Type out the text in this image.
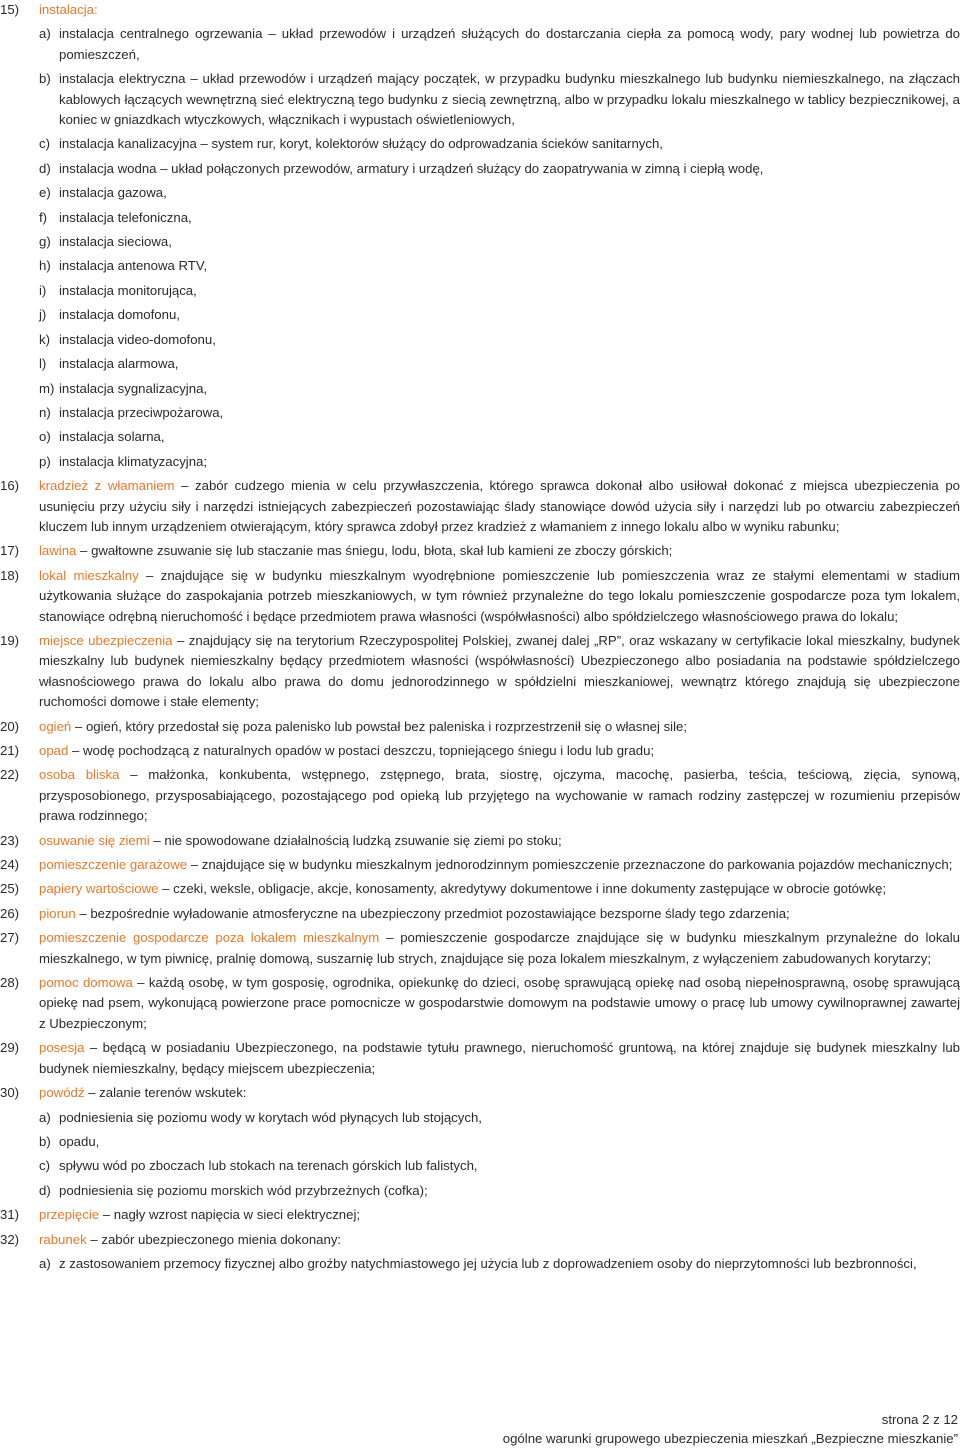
15)	instalacja:
a) instalacja centralnego ogrzewania – układ przewodów i urządzeń służących do dostarczania ciepła za pomocą wody, pary wodnej lub powietrza do pomieszczeń,
b) instalacja elektryczna – układ przewodów i urządzeń mający początek, w przypadku budynku mieszkalnego lub budynku niemieszkalnego, na złączach kablowych łączących wewnętrzną sieć elektryczną tego budynku z siecią zewnętrzną, albo w przypadku lokalu mieszkalnego w tablicy bezpiecznikowej, a koniec w gniazdkach wtyczkowych, włącznikach i wypustach oświetleniowych,
c) instalacja kanalizacyjna – system rur, koryt, kolektorów służący do odprowadzania ścieków sanitarnych,
d) instalacja wodna – układ połączonych przewodów, armatury i urządzeń służący do zaopatrywania w zimną i ciepłą wodę,
e) instalacja gazowa,
f) instalacja telefoniczna,
g) instalacja sieciowa,
h) instalacja antenowa RTV,
i) instalacja monitorująca,
j) instalacja domofonu,
k) instalacja video-domofonu,
l) instalacja alarmowa,
m) instalacja sygnalizacyjna,
n) instalacja przeciwpożarowa,
o) instalacja solarna,
p) instalacja klimatyzacyjna;
16)	kradzież z włamaniem – zabór cudzego mienia w celu przywłaszczenia, którego sprawca dokonał albo usiłował dokonać z miejsca ubezpieczenia po usunięciu przy użyciu siły i narzędzi istniejących zabezpieczeń pozostawiając ślady stanowiące dowód użycia siły i narzędzi lub po otwarciu zabezpieczeń kluczem lub innym urządzeniem otwierającym, który sprawca zdobył przez kradzież z włamaniem z innego lokalu albo w wyniku rabunku;
17)	lawina – gwałtowne zsuwanie się lub staczanie mas śniegu, lodu, błota, skał lub kamieni ze zboczy górskich;
18)	lokal mieszkalny – znajdujące się w budynku mieszkalnym wyodrębnione pomieszczenie lub pomieszczenia wraz ze stałymi elementami w stadium użytkowania służące do zaspokajania potrzeb mieszkaniowych, w tym również przynależne do tego lokalu pomieszczenie gospodarcze poza tym lokalem, stanowiące odrębną nieruchomość i będące przedmiotem prawa własności (współwłasności) albo spółdzielczego własnościowego prawa do lokalu;
19)	miejsce ubezpieczenia – znajdujący się na terytorium Rzeczypospolitej Polskiej, zwanej dalej „RP”, oraz wskazany w certyfikacie lokal mieszkalny, budynek mieszkalny lub budynek niemieszkalny będący przedmiotem własności (współwłasności) Ubezpieczonego albo posiadania na podstawie spółdzielczego własnościowego prawa do lokalu albo prawa do domu jednorodzinnego w spółdzielni mieszkaniowej, wewnątrz którego znajdują się ubezpieczone ruchomości domowe i stałe elementy;
20)	ogień – ogień, który przedostał się poza palenisko lub powstał bez paleniska i rozprzestrzenił się o własnej sile;
21)	opad – wodę pochodzącą z naturalnych opadów w postaci deszczu, topniejącego śniegu i lodu lub gradu;
22)	osoba bliska – małżonka, konkubenta, wstępnego, zstępnego, brata, siostrę, ojczyma, macochę, pasierba, teścia, teściową, zięcia, synową, przysposobionego, przysposabiającego, pozostającego pod opieką lub przyjętego na wychowanie w ramach rodziny zastępczej w rozumieniu przepisów prawa rodzinnego;
23)	osuwanie się ziemi – nie spowodowane działalnością ludzką zsuwanie się ziemi po stoku;
24)	pomieszczenie garażowe – znajdujące się w budynku mieszkalnym jednorodzinnym pomieszczenie przeznaczone do parkowania pojazdów mechanicznych;
25)	papiery wartościowe – czeki, weksle, obligacje, akcje, konosamenty, akredytywy dokumentowe i inne dokumenty zastępujące w obrocie gotówkę;
26)	piorun – bezpośrednie wyładowanie atmosferyczne na ubezpieczony przedmiot pozostawiające bezsporne ślady tego zdarzenia;
27)	pomieszczenie gospodarcze poza lokalem mieszkalnym – pomieszczenie gospodarcze znajdujące się w budynku mieszkalnym przynależne do lokalu mieszkalnego, w tym piwnicę, pralnię domową, suszarnię lub strych, znajdujące się poza lokalem mieszkalnym, z wyłączeniem zabudowanych korytarzy;
28)	pomoc domowa – każdą osobę, w tym gosposię, ogrodnika, opiekunkę do dzieci, osobę sprawującą opiekę nad osobą niepełnosprawną, osobę sprawującą opiekę nad psem, wykonującą powierzone prace pomocnicze w gospodarstwie domowym na podstawie umowy o pracę lub umowy cywilnoprawnej zawartej z Ubezpieczonym;
29)	posesja – będącą w posiadaniu Ubezpieczonego, na podstawie tytułu prawnego, nieruchomość gruntową, na której znajduje się budynek mieszkalny lub budynek niemieszkalny, będący miejscem ubezpieczenia;
30)	powódź – zalanie terenów wskutek:
a) podniesienia się poziomu wody w korytach wód płynących lub stojących,
b) opadu,
c) spływu wód po zboczach lub stokach na terenach górskich lub falistych,
d) podniesienia się poziomu morskich wód przybrzeżnych (cofka);
31)	przepięcie – nagły wzrost napięcia w sieci elektrycznej;
32)	rabunek – zabór ubezpieczonego mienia dokonany:
a) z zastosowaniem przemocy fizycznej albo groźby natychmiastowego jej użycia lub z doprowadzeniem osoby do nieprzytomności lub bezbronności,
strona 2 z 12
ogólne warunki grupowego ubezpieczenia mieszkań „Bezpieczne mieszkanie”
